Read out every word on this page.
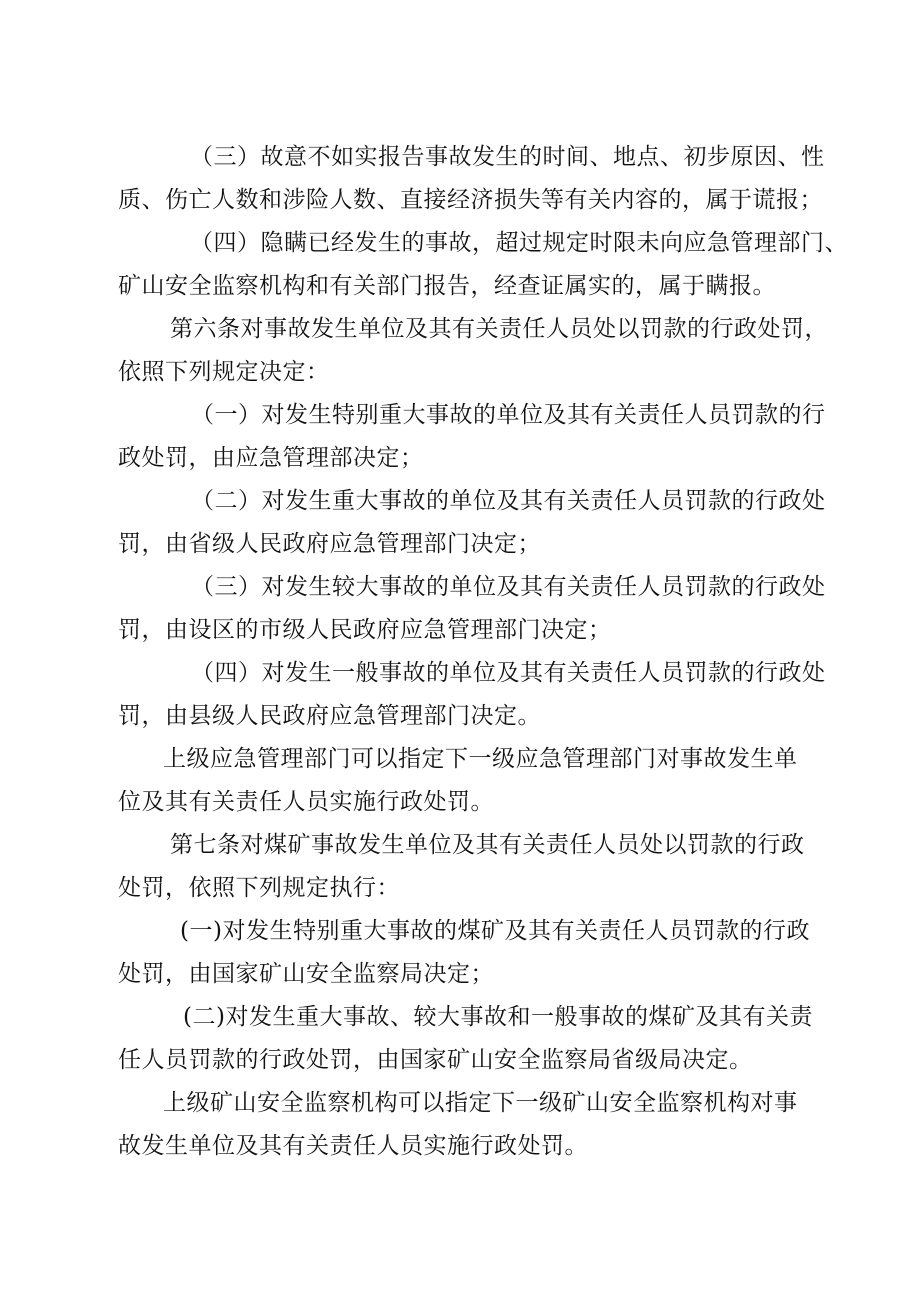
（三）故意不如实报告事故发生的时间、地点、初步原因、性
质、伤亡人数和涉险人数、直接经济损失等有关内容的，属于谎报；
（四）隐瞒已经发生的事故，超过规定时限未向应急管理部门、
矿山安全监察机构和有关部门报告，经查证属实的，属于瞒报。
第六条对事故发生单位及其有关责任人员处以罚款的行政处罚，
依照下列规定决定：
（一）对发生特别重大事故的单位及其有关责任人员罚款的行
政处罚，由应急管理部决定；
（二）对发生重大事故的单位及其有关责任人员罚款的行政处
罚，由省级人民政府应急管理部门决定；
（三）对发生较大事故的单位及其有关责任人员罚款的行政处
罚，由设区的市级人民政府应急管理部门决定；
（四）对发生一般事故的单位及其有关责任人员罚款的行政处
罚，由县级人民政府应急管理部门决定。
上级应急管理部门可以指定下一级应急管理部门对事故发生单
位及其有关责任人员实施行政处罚。
第七条对煤矿事故发生单位及其有关责任人员处以罚款的行政
处罚，依照下列规定执行：
(一)对发生特别重大事故的煤矿及其有关责任人员罚款的行政
处罚，由国家矿山安全监察局决定；
(二)对发生重大事故、较大事故和一般事故的煤矿及其有关责
任人员罚款的行政处罚，由国家矿山安全监察局省级局决定。
上级矿山安全监察机构可以指定下一级矿山安全监察机构对事
故发生单位及其有关责任人员实施行政处罚。
